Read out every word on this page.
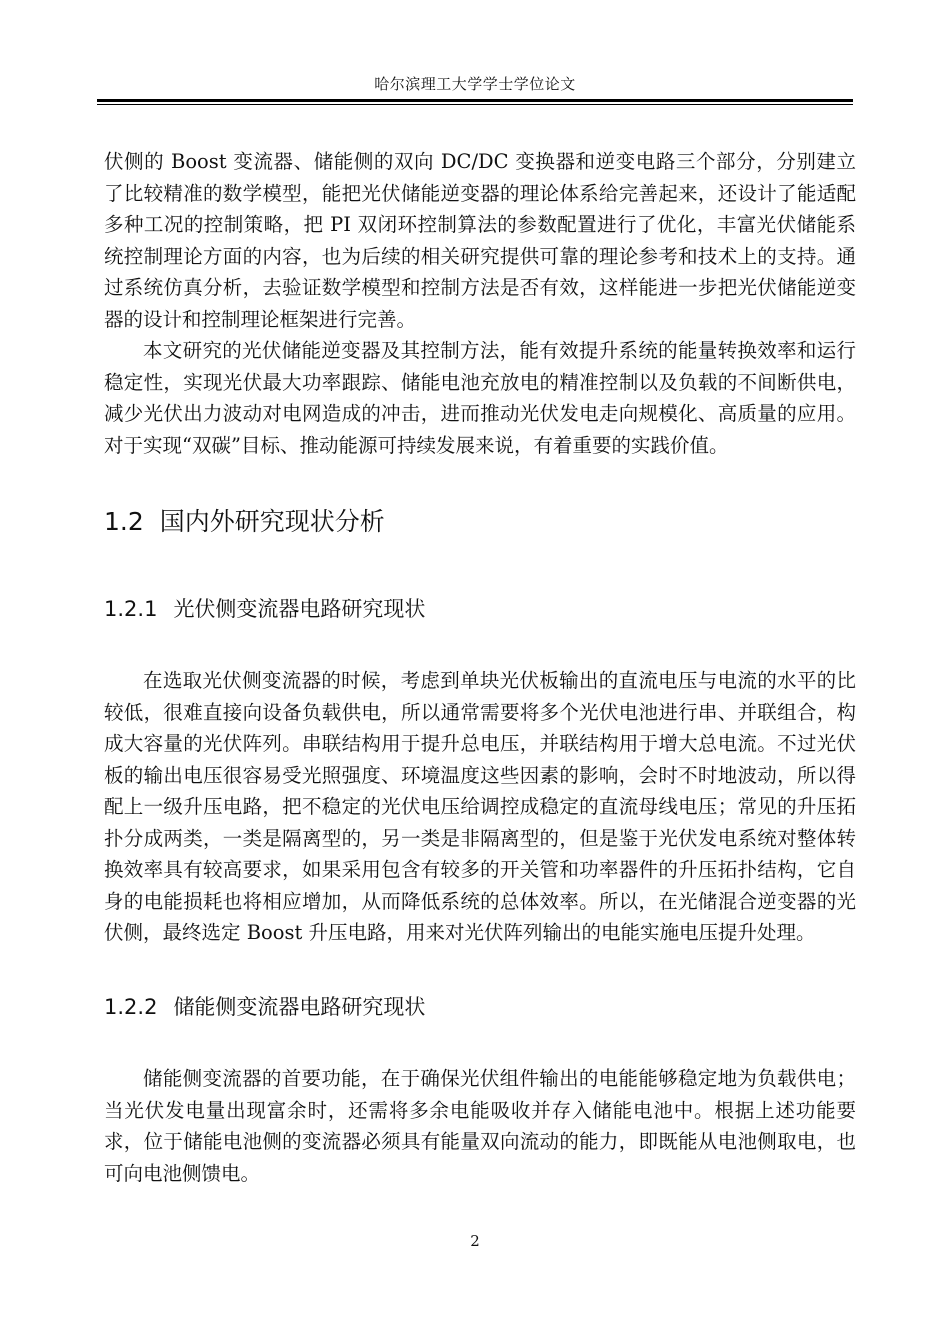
哈尔滨理工大学学士学位论文

伏侧的 Boost 变流器、储能侧的双向 DC/DC 变换器和逆变电路三个部分，分别建立了比较精准的数学模型，能把光伏储能逆变器的理论体系给完善起来，还设计了能适配多种工况的控制策略，把 PI 双闭环控制算法的参数配置进行了优化，丰富光伏储能系统控制理论方面的内容，也为后续的相关研究提供可靠的理论参考和技术上的支持。通过系统仿真分析，去验证数学模型和控制方法是否有效，这样能进一步把光伏储能逆变器的设计和控制理论框架进行完善。

本文研究的光伏储能逆变器及其控制方法，能有效提升系统的能量转换效率和运行稳定性，实现光伏最大功率跟踪、储能电池充放电的精准控制以及负载的不间断供电，减少光伏出力波动对电网造成的冲击，进而推动光伏发电走向规模化、高质量的应用。对于实现“双碳”目标、推动能源可持续发展来说，有着重要的实践价值。

1.2 国内外研究现状分析
1.2.1 光伏侧变流器电路研究现状

在选取光伏侧变流器的时候，考虑到单块光伏板输出的直流电压与电流的水平的比较低，很难直接向设备负载供电，所以通常需要将多个光伏电池进行串、并联组合，构成大容量的光伏阵列。串联结构用于提升总电压，并联结构用于增大总电流。不过光伏板的输出电压很容易受光照强度、环境温度这些因素的影响，会时不时地波动，所以得配上一级升压电路，把不稳定的光伏电压给调控成稳定的直流母线电压；常见的升压拓扑分成两类，一类是隔离型的，另一类是非隔离型的，但是鉴于光伏发电系统对整体转换效率具有较高要求，如果采用包含有较多的开关管和功率器件的升压拓扑结构，它自身的电能损耗也将相应增加，从而降低系统的总体效率。所以，在光储混合逆变器的光伏侧，最终选定 Boost 升压电路，用来对光伏阵列输出的电能实施电压提升处理。

1.2.2 储能侧变流器电路研究现状

储能侧变流器的首要功能，在于确保光伏组件输出的电能能够稳定地为负载供电；当光伏发电量出现富余时，还需将多余电能吸收并存入储能电池中。根据上述功能要求，位于储能电池侧的变流器必须具有能量双向流动的能力，即既能从电池侧取电，也可向电池侧馈电。

2
